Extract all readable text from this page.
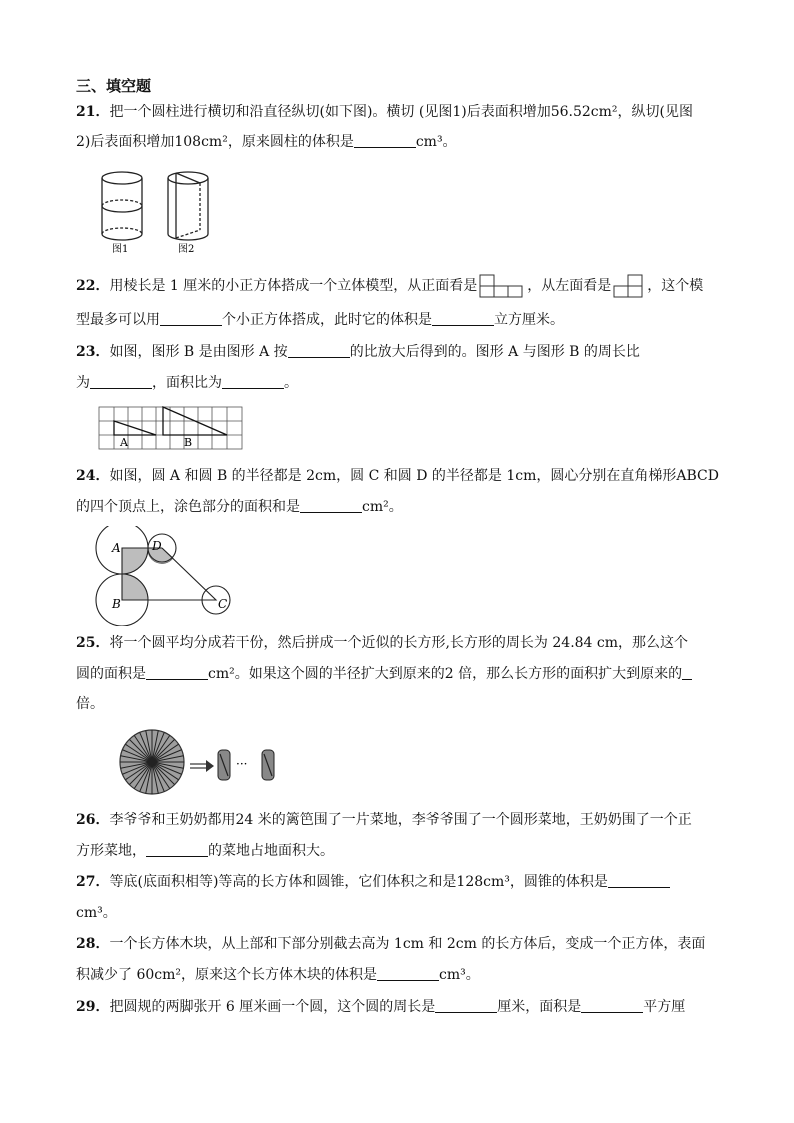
三、填空题
21．把一个圆柱进行横切和沿直径纵切(如下图)。横切 (见图1)后表面积增加56.52cm²，纵切(见图
2)后表面积增加108cm²，原来圆柱的体积是	cm³。
图1	图2
22．用棱长是 1 厘米的小正方体搭成一个立体模型，从正面看是	，从左面看是	，这个模
型最多可以用	个小正方体搭成，此时它的体积是	立方厘米。
23．如图，图形 B 是由图形 A 按	的比放大后得到的。图形 A 与图形 B 的周长比
为	，面积比为	。
A	B
24．如图，圆 A 和圆 B 的半径都是 2cm，圆 C 和圆 D 的半径都是 1cm，圆心分别在直角梯形ABCD
的四个顶点上，涂色部分的面积和是	cm²。
A	D
B	C
25．将一个圆平均分成若干份，然后拼成一个近似的长方形,长方形的周长为 24.84 cm，那么这个
圆的面积是	cm²。如果这个圆的半径扩大到原来的2 倍，那么长方形的面积扩大到原来的
倍。
···
26．李爷爷和王奶奶都用24 米的篱笆围了一片菜地，李爷爷围了一个圆形菜地，王奶奶围了一个正
方形菜地，	的菜地占地面积大。
27．等底(底面积相等)等高的长方体和圆锥，它们体积之和是128cm³，圆锥的体积是
cm³。
28．一个长方体木块，从上部和下部分别截去高为 1cm 和 2cm 的长方体后，变成一个正方体，表面
积减少了 60cm²，原来这个长方体木块的体积是	cm³。
29．把圆规的两脚张开 6 厘米画一个圆，这个圆的周长是	厘米，面积是	平方厘
